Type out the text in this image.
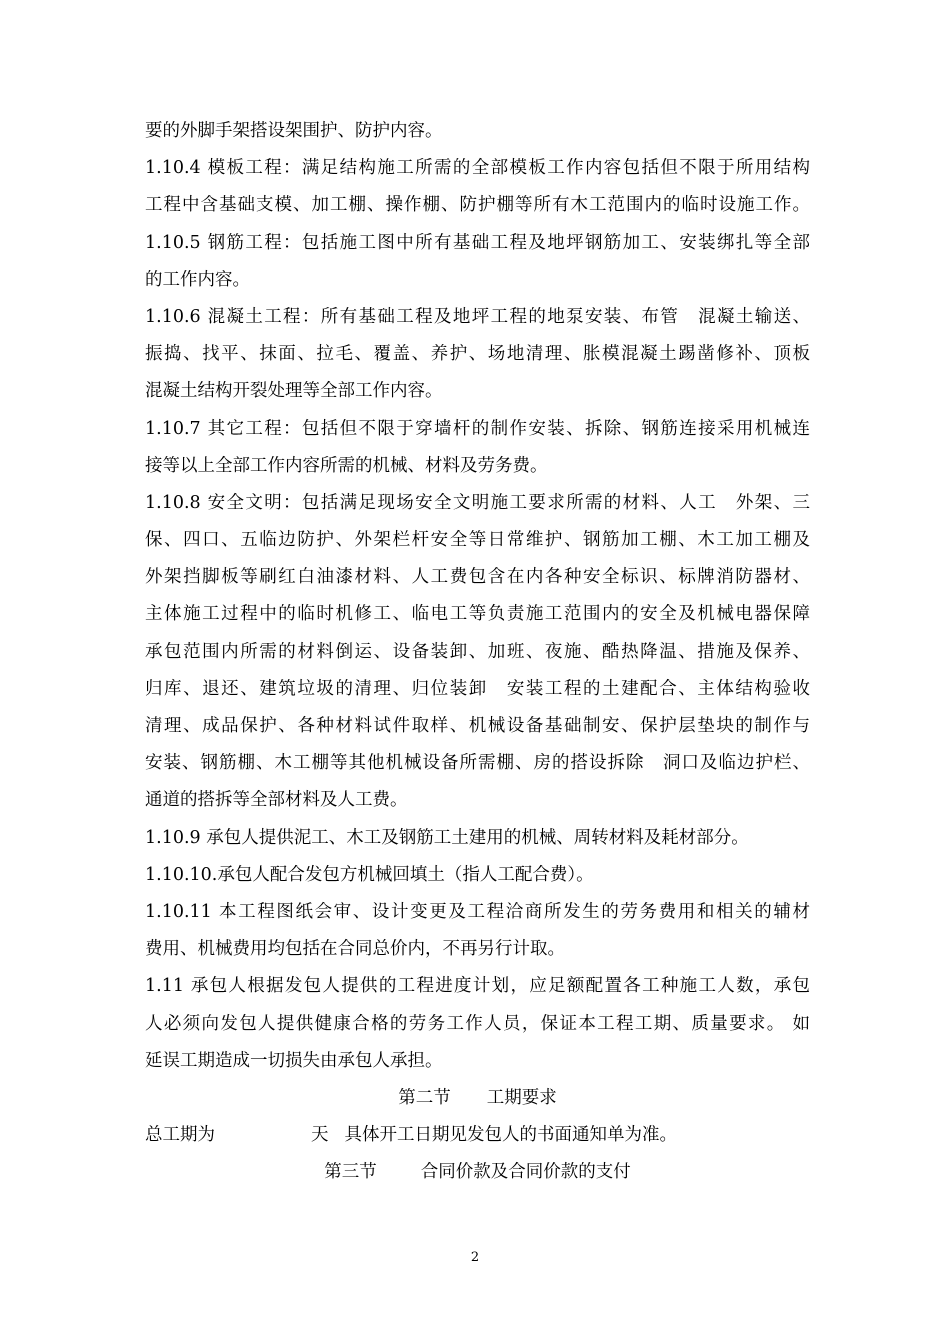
要的外脚手架搭设架围护、防护内容。
1.10.4 模板工程：满足结构施工所需的全部模板工作内容包括但不限于所用结构
工程中含基础支模、加工棚、操作棚、防护棚等所有木工范围内的临时设施工作。
1.10.5 钢筋工程：包括施工图中所有基础工程及地坪钢筋加工、安装绑扎等全部
的工作内容。
1.10.6 混凝土工程：所有基础工程及地坪工程的地泵安装、布管　混凝土输送、
振捣、找平、抹面、拉毛、覆盖、养护、场地清理、胀模混凝土踢凿修补、顶板
混凝土结构开裂处理等全部工作内容。
1.10.7 其它工程：包括但不限于穿墙杆的制作安装、拆除、钢筋连接采用机械连
接等以上全部工作内容所需的机械、材料及劳务费。
1.10.8 安全文明：包括满足现场安全文明施工要求所需的材料、人工　外架、三
保、四口、五临边防护、外架栏杆安全等日常维护、钢筋加工棚、木工加工棚及
外架挡脚板等刷红白油漆材料、人工费包含在内各种安全标识、标牌消防器材、
主体施工过程中的临时机修工、临电工等负责施工范围内的安全及机械电器保障
承包范围内所需的材料倒运、设备装卸、加班、夜施、酷热降温、措施及保养、
归库、退还、建筑垃圾的清理、归位装卸　安装工程的土建配合、主体结构验收
清理、成品保护、各种材料试件取样、机械设备基础制安、保护层垫块的制作与
安装、钢筋棚、木工棚等其他机械设备所需棚、房的搭设拆除　洞口及临边护栏、
通道的搭拆等全部材料及人工费。
1.10.9 承包人提供泥工、木工及钢筋工土建用的机械、周转材料及耗材部分。
1.10.10.承包人配合发包方机械回填土（指人工配合费）。
1.10.11 本工程图纸会审、设计变更及工程洽商所发生的劳务费用和相关的辅材
费用、机械费用均包括在合同总价内，不再另行计取。
1.11 承包人根据发包人提供的工程进度计划，应足额配置各工种施工人数，承包
人必须向发包人提供健康合格的劳务工作人员，保证本工程工期、质量要求。 如
延误工期造成一切损失由承包人承担。
第二节 工期要求
总工期为	天 具体开工日期见发包人的书面通知单为准。
第三节	合同价款及合同价款的支付
2
